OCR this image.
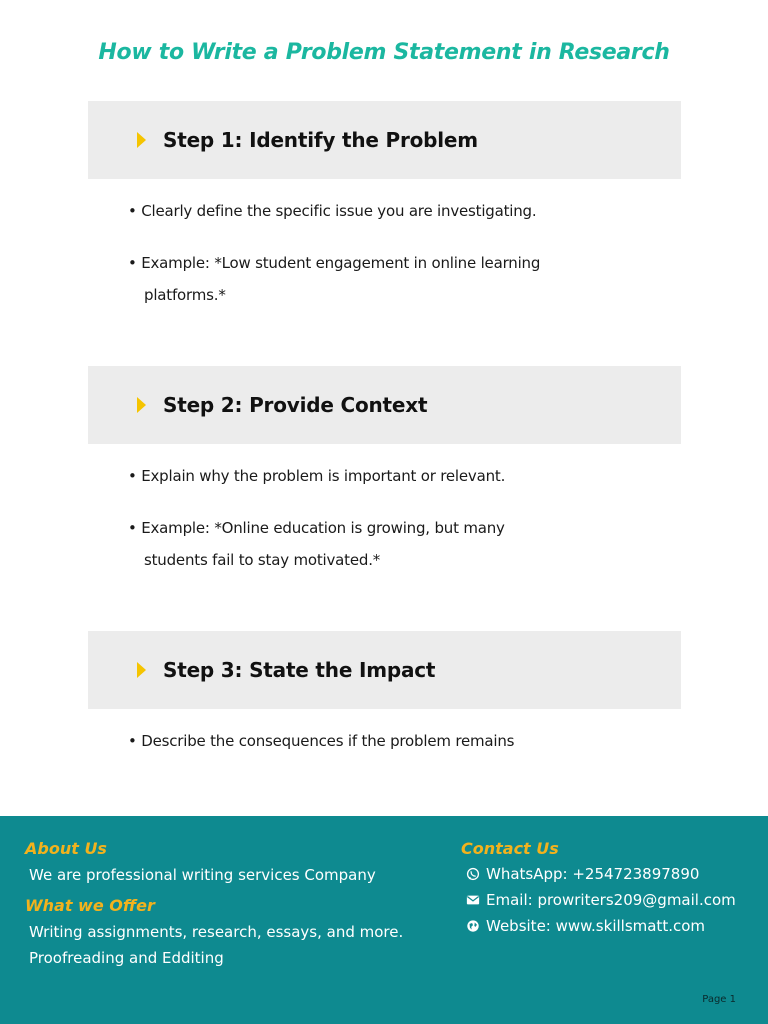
How to Write a Problem Statement in Research
Step 1: Identify the Problem
• Clearly define the specific issue you are investigating.
• Example: *Low student engagement in online learning
platforms.*
Step 2: Provide Context
• Explain why the problem is important or relevant.
• Example: *Online education is growing, but many
students fail to stay motivated.*
Step 3: State the Impact
• Describe the consequences if the problem remains
About Us
We are professional writing services Company
What we Offer
Writing assignments, research, essays, and more.
Proofreading and Edditing
Contact Us
WhatsApp: +254723897890
Email: prowriters209@gmail.com
Website: www.skillsmatt.com
Page 1
